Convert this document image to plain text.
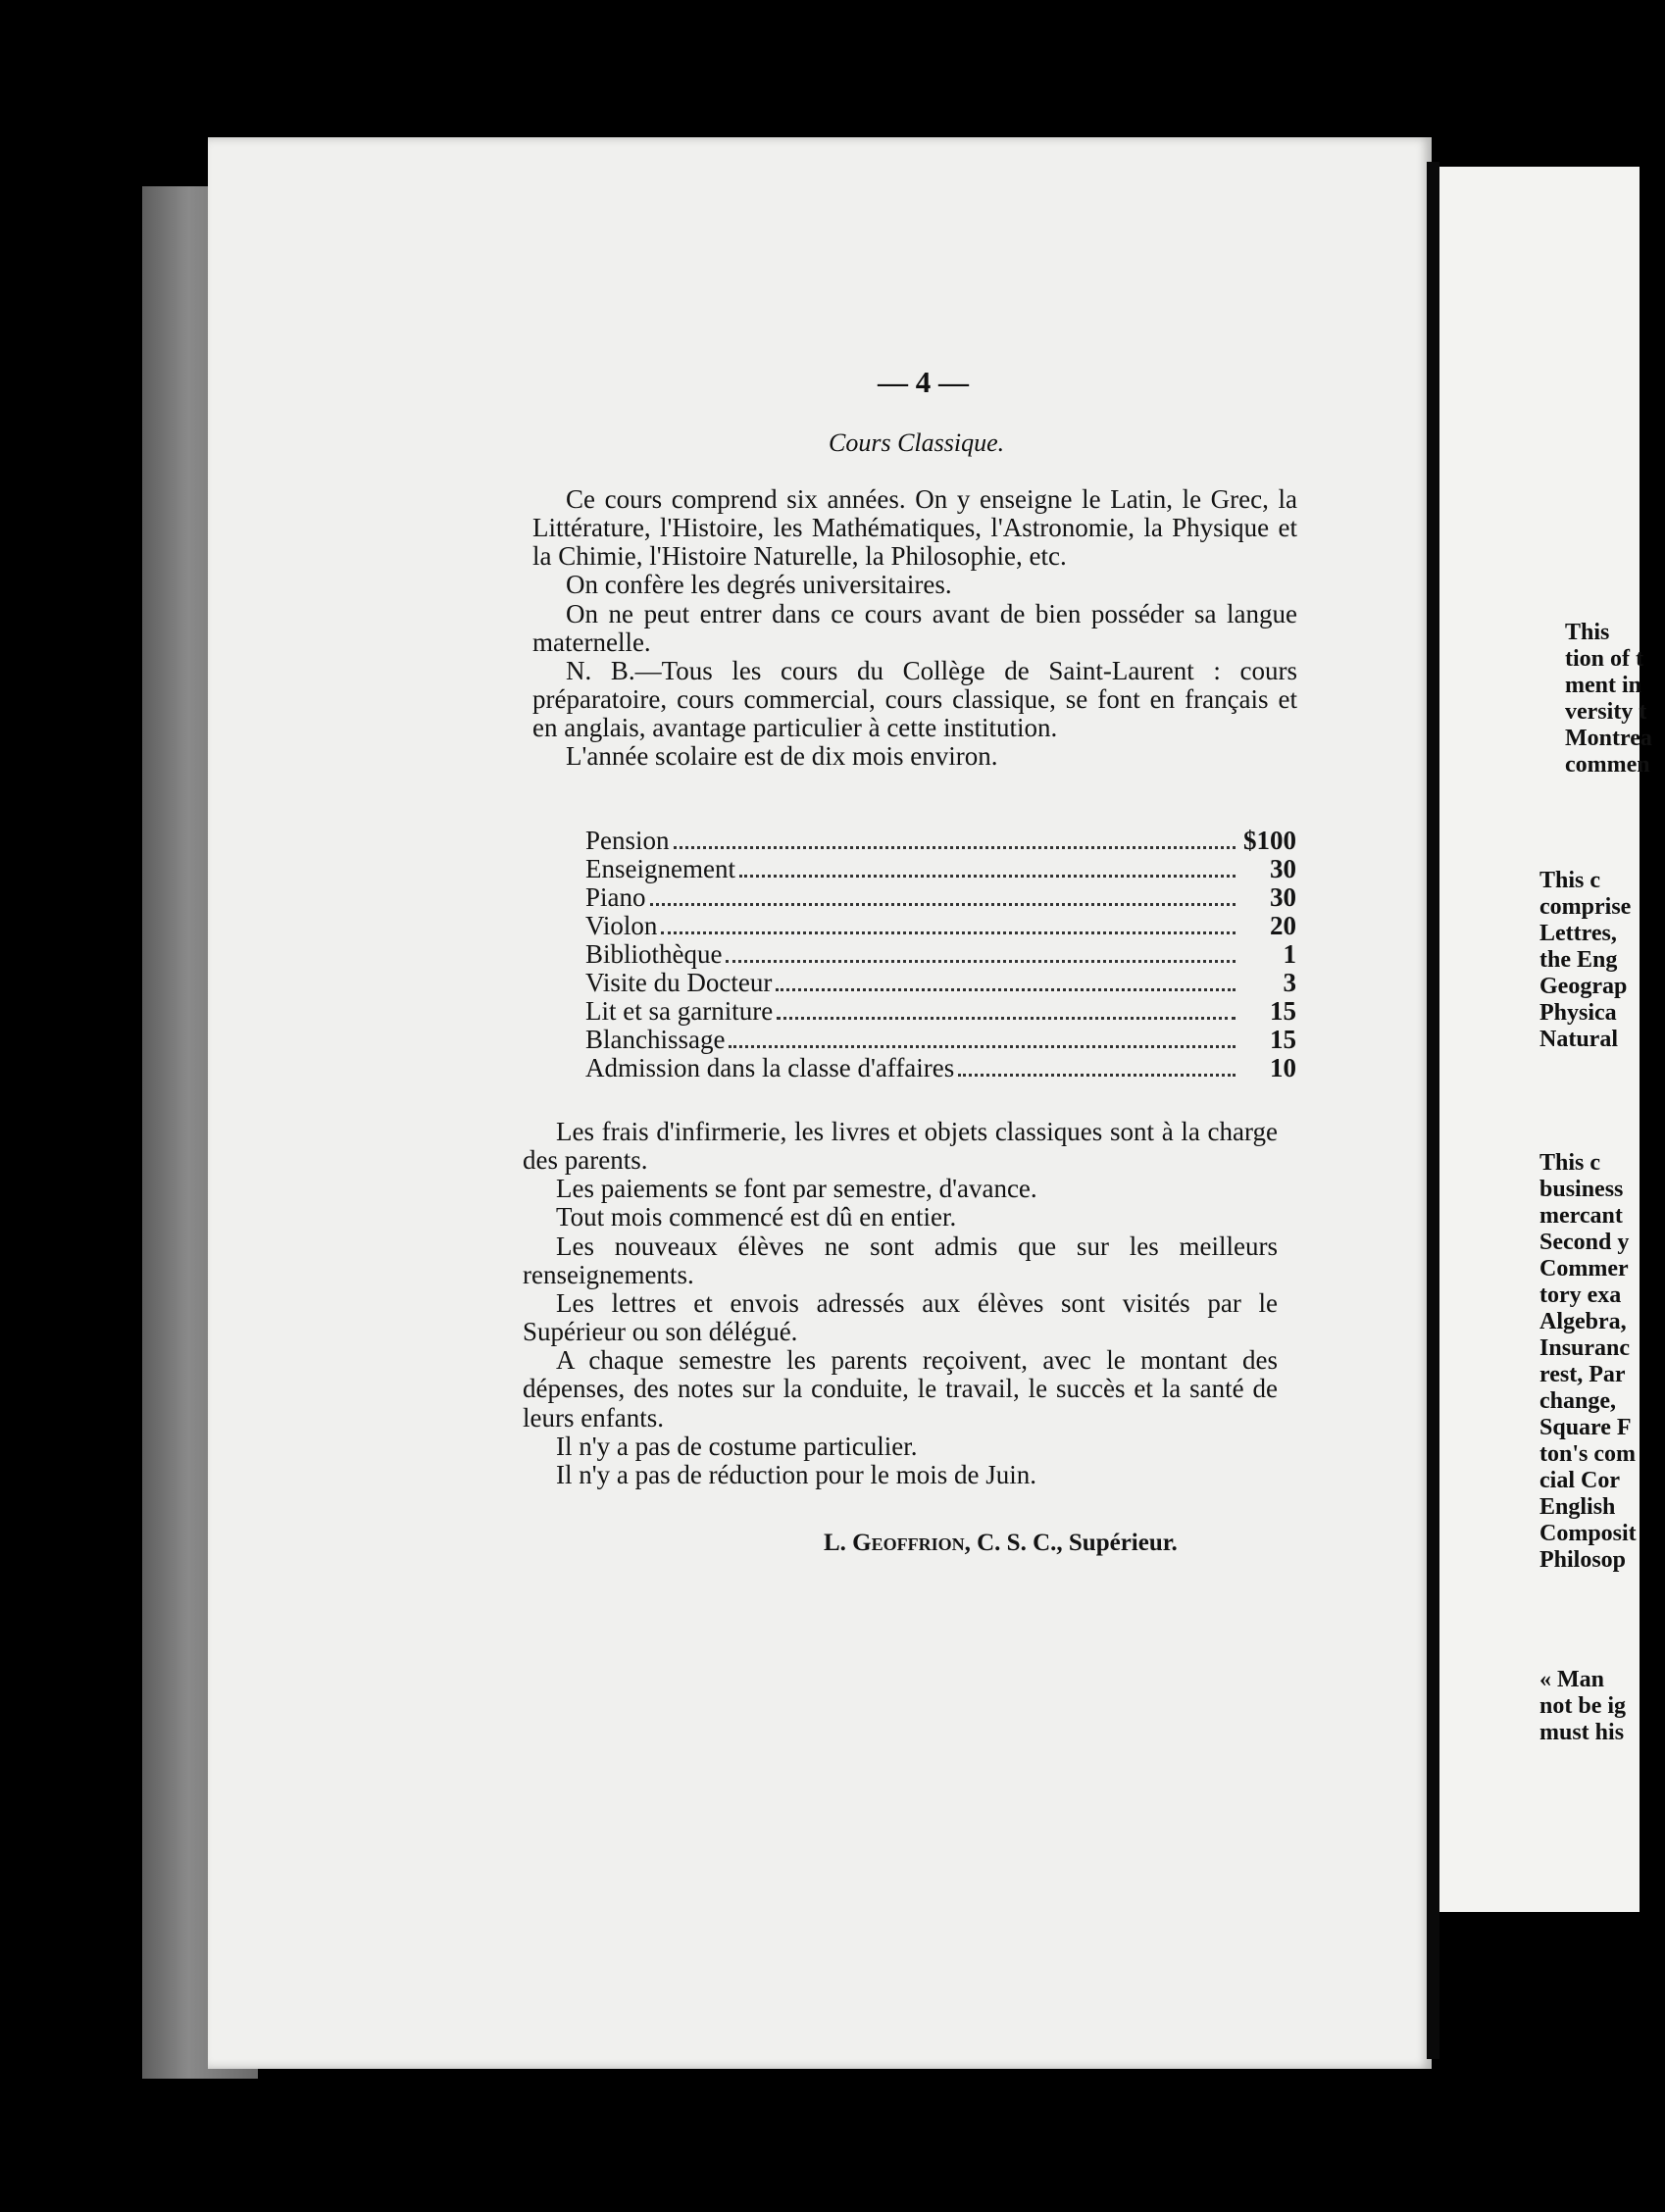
— 4 —
Cours Classique.

Ce cours comprend six années. On y enseigne le Latin, le Grec, la Littérature, l'Histoire, les Mathématiques, l'Astronomie, la Physique et la Chimie, l'Histoire Naturelle, la Philosophie, etc.

On confère les degrés universitaires.

On ne peut entrer dans ce cours avant de bien posséder sa langue maternelle.

N. B.—Tous les cours du Collège de Saint-Laurent : cours préparatoire, cours commercial, cours classique, se font en français et en anglais, avantage particulier à cette institution.

L'année scolaire est de dix mois environ.

Pension	$100
Enseignement	30
Piano	30
Violon	20
Bibliothèque	1
Visite du Docteur	3
Lit et sa garniture	15
Blanchissage	15
Admission dans la classe d'affaires	10

Les frais d'infirmerie, les livres et objets classiques sont à la charge des parents.

Les paiements se font par semestre, d'avance.

Tout mois commencé est dû en entier.

Les nouveaux élèves ne sont admis que sur les meilleurs renseignements.

Les lettres et envois adressés aux élèves sont visités par le Supérieur ou son délégué.

A chaque semestre les parents reçoivent, avec le montant des dépenses, des notes sur la conduite, le travail, le succès et la santé de leurs enfants.

Il n'y a pas de costume particulier.

Il n'y a pas de réduction pour le mois de Juin.

L. Geoffrion, C. S. C., Supérieur.
This
tion of t
ment in
versity t
Montrea
commen
This c
comprise
Lettres,
the Eng
Geograp
Physica
Natural
This c
business
mercant
Second y
Commer
tory exa
Algebra,
Insuranc
rest, Par
change,
Square F
ton's com
cial Cor
English
Composit
Philosop
« Man
not be ig
must his
